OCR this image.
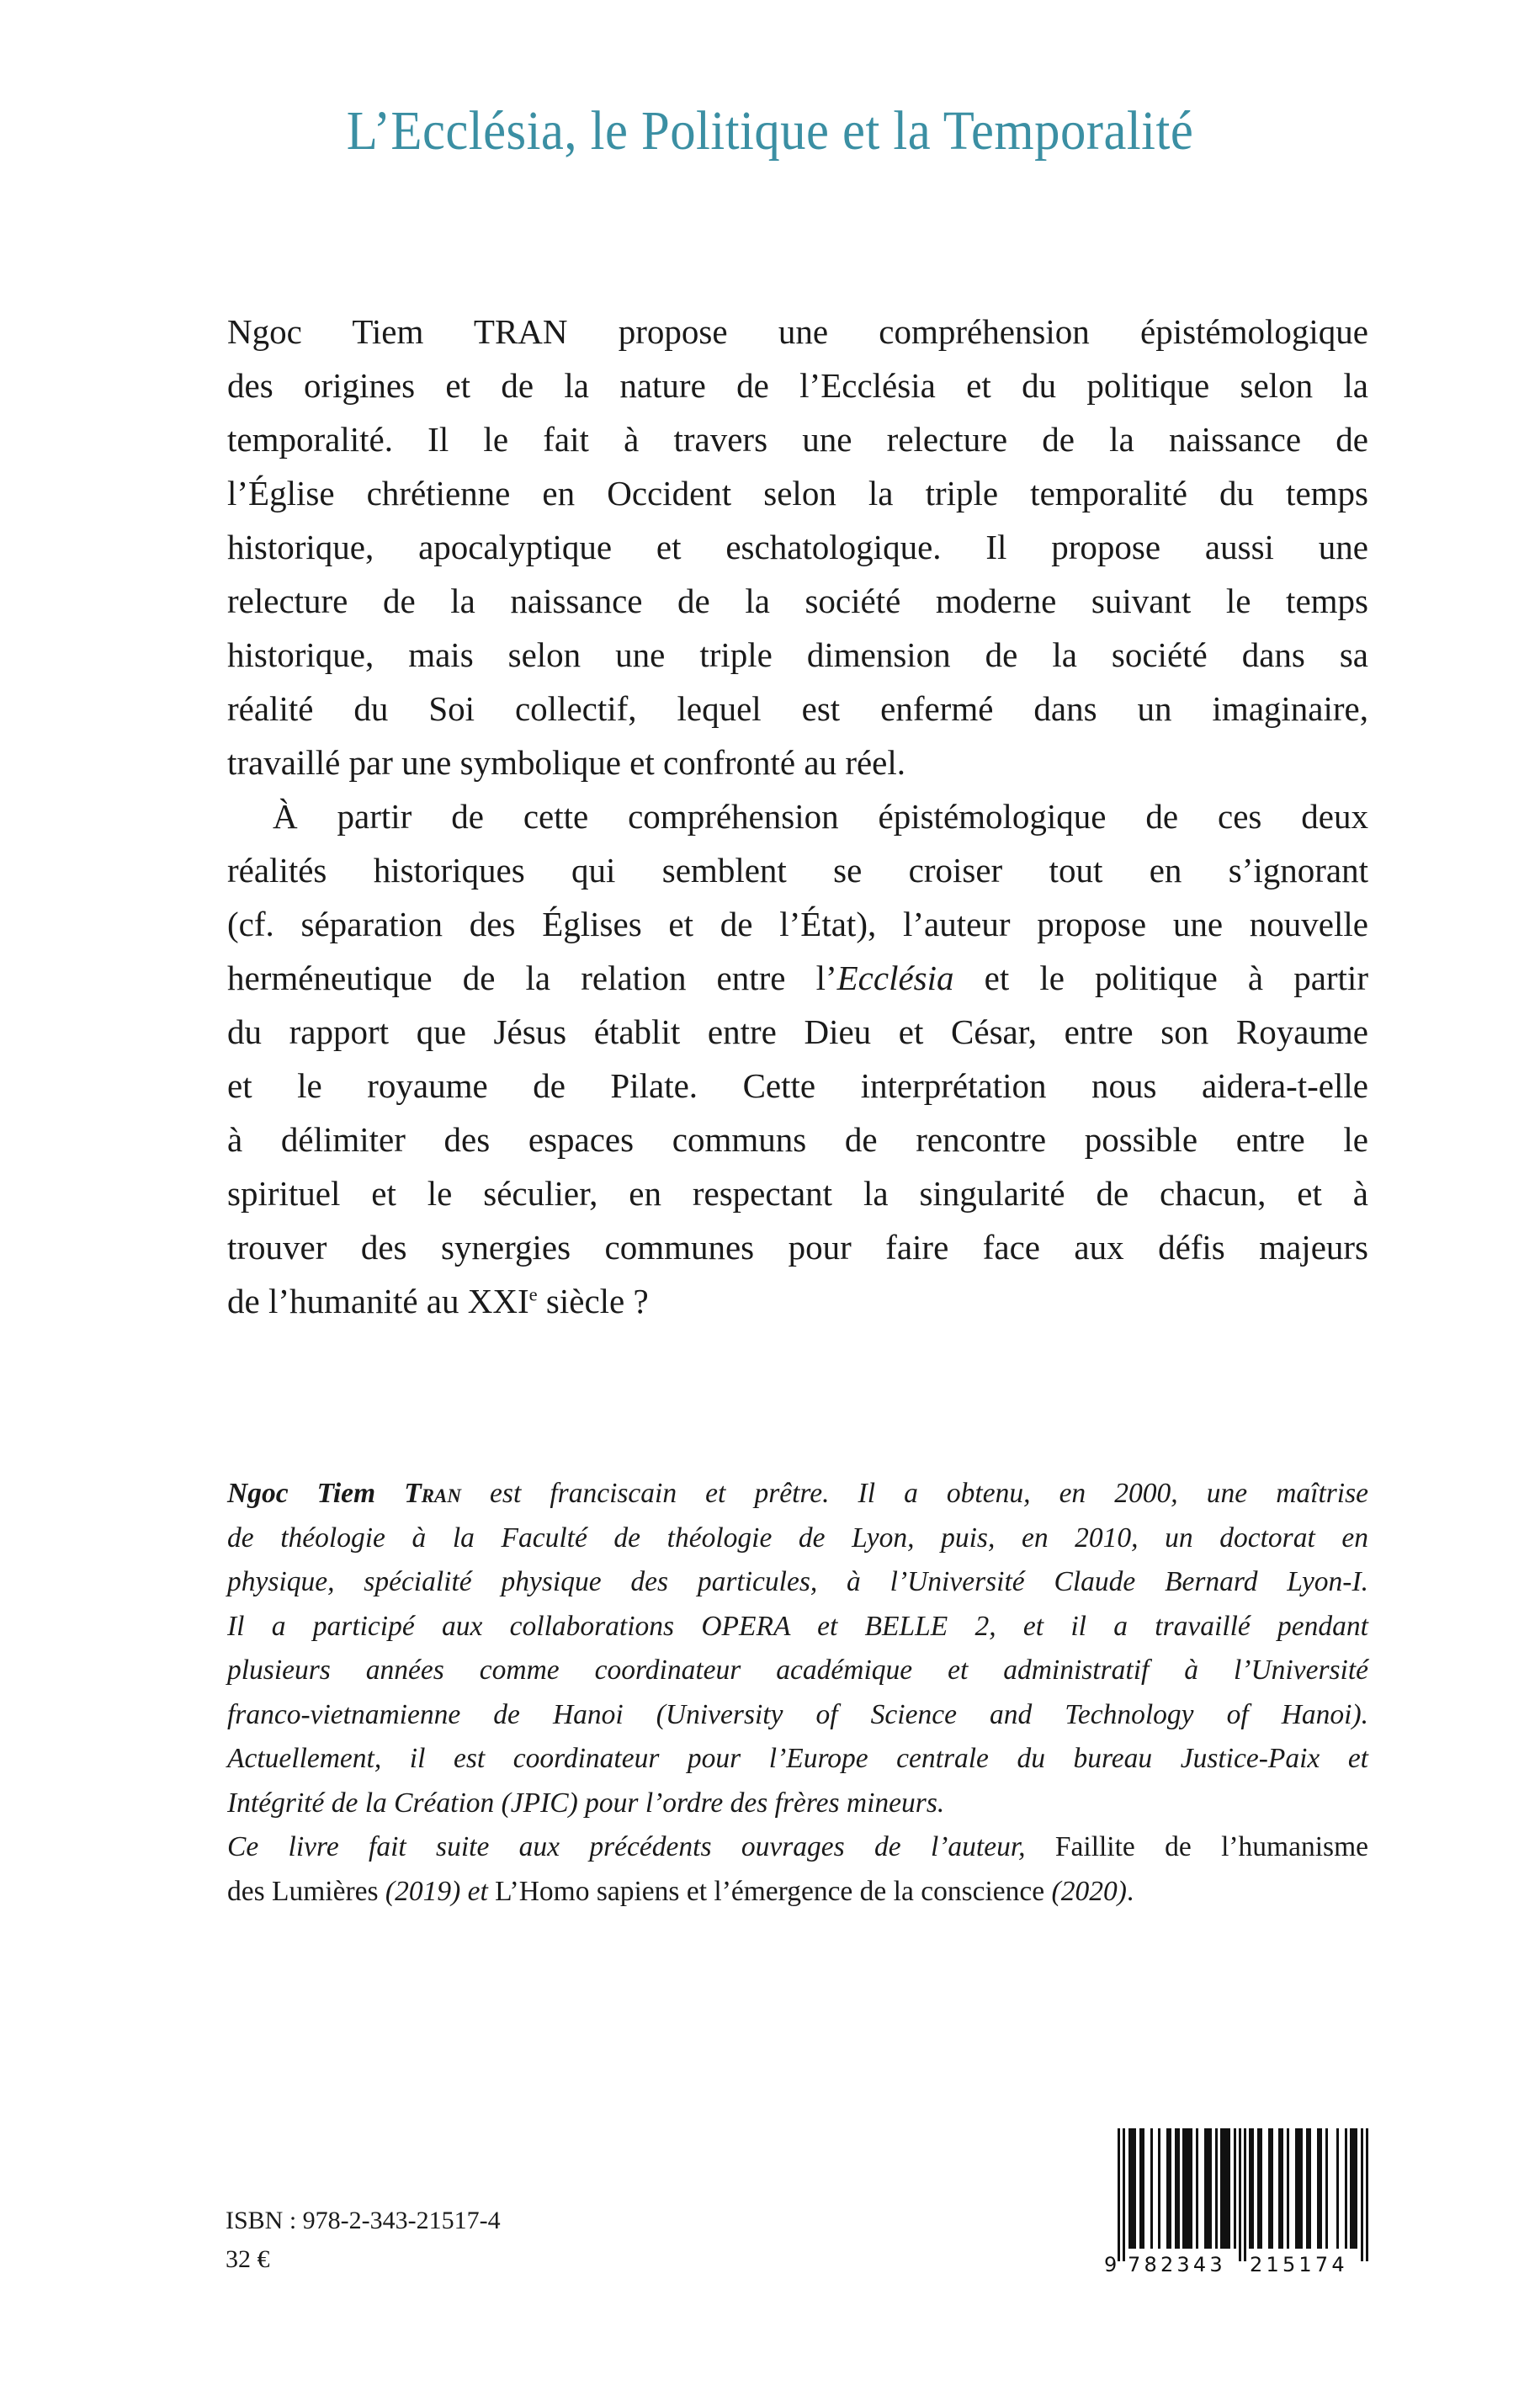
L’Ecclésia, le Politique et la Temporalité
Ngoc Tiem TRAN propose une compréhension épistémologique
des origines et de la nature de l’Ecclésia et du politique selon la
temporalité. Il le fait à travers une relecture de la naissance de
l’Église chrétienne en Occident selon la triple temporalité du temps
historique, apocalyptique et eschatologique. Il propose aussi une
relecture de la naissance de la société moderne suivant le temps
historique, mais selon une triple dimension de la société dans sa
réalité du Soi collectif, lequel est enfermé dans un imaginaire,
travaillé par une symbolique et confronté au réel.
À partir de cette compréhension épistémologique de ces deux
réalités historiques qui semblent se croiser tout en s’ignorant
(cf. séparation des Églises et de l’État), l’auteur propose une nouvelle
herméneutique de la relation entre l’Ecclésia et le politique à partir
du rapport que Jésus établit entre Dieu et César, entre son Royaume
et le royaume de Pilate. Cette interprétation nous aidera-t-elle
à délimiter des espaces communs de rencontre possible entre le
spirituel et le séculier, en respectant la singularité de chacun, et à
trouver des synergies communes pour faire face aux défis majeurs
de l’humanité au XXIe siècle ?
Ngoc Tiem Tran est franciscain et prêtre. Il a obtenu, en 2000, une maîtrise
de théologie à la Faculté de théologie de Lyon, puis, en 2010, un doctorat en
physique, spécialité physique des particules, à l’Université Claude Bernard Lyon-I.
Il a participé aux collaborations OPERA et BELLE 2, et il a travaillé pendant
plusieurs années comme coordinateur académique et administratif à l’Université
franco-vietnamienne de Hanoi (University of Science and Technology of Hanoi).
Actuellement, il est coordinateur pour l’Europe centrale du bureau Justice-Paix et
Intégrité de la Création (JPIC) pour l’ordre des frères mineurs.
Ce livre fait suite aux précédents ouvrages de l’auteur, Faillite de l’humanisme
des Lumières (2019) et L’Homo sapiens et l’émergence de la conscience (2020).
ISBN : 978-2-343-21517-4
32 €	9 782343 215174
